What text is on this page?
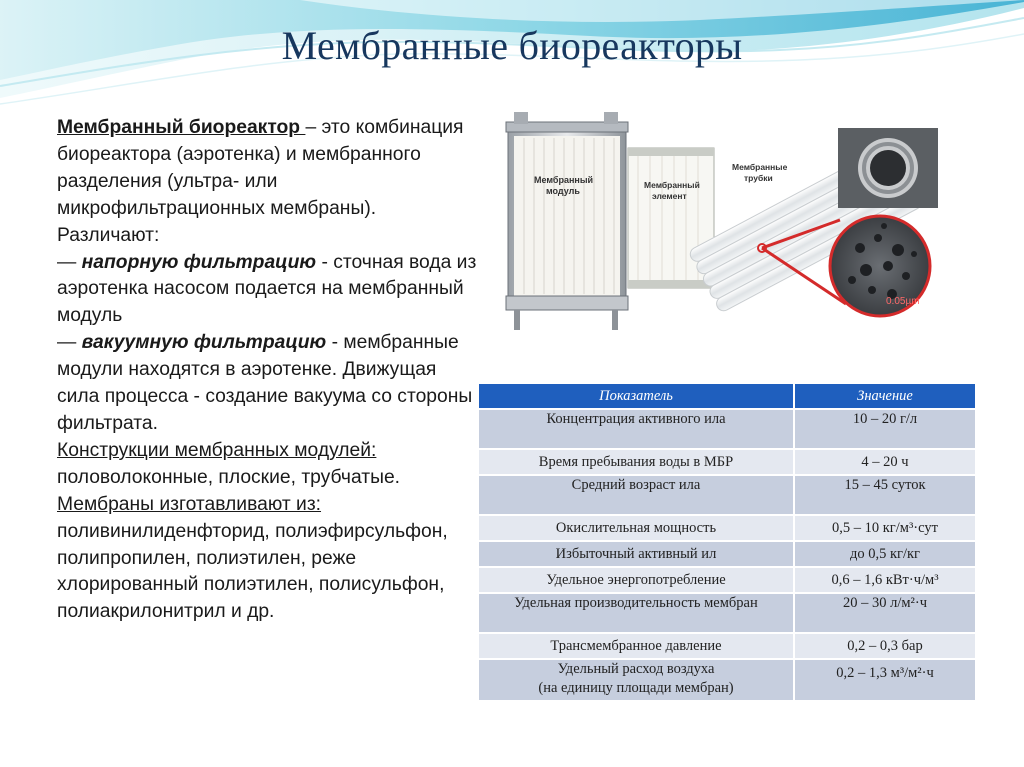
Мембранные биореакторы
Мембранный биореактор – это комбинация биореактора (аэротенка) и мембранного разделения (ультра- или микрофильтрационных мембраны).
Различают:
— напорную фильтрацию - сточная вода из аэротенка насосом подается на мембранный модуль
— вакуумную фильтрацию - мембранные модули находятся в аэротенке. Движущая сила процесса - создание вакуума со стороны фильтрата.
Конструкции мембранных модулей:
половолоконные, плоские, трубчатые.
Мембраны изготавливают из:
поливинилиденфторид, полиэфирсульфон, полипропилен, полиэтилен, реже хлорированный полиэтилен, полисульфон, полиакрилонитрил и др.
Мембранный
модуль
Мембранный
элемент
Мембранные
трубки
0.05µm
Показатель	Значение
Концентрация активного ила	10 – 20 г/л
Время пребывания воды в МБР	4 – 20 ч
Средний возраст ила	15 – 45 суток
Окислительная мощность	0,5 – 10 кг/м³·сут
Избыточный активный ил	до 0,5 кг/кг
Удельное энергопотребление	0,6 – 1,6 кВт·ч/м³
Удельная производительность мембран	20 – 30 л/м²·ч
Трансмембранное давление	0,2 – 0,3 бар
Удельный расход воздуха
(на единицу площади мембран)	0,2 – 1,3 м³/м²·ч
